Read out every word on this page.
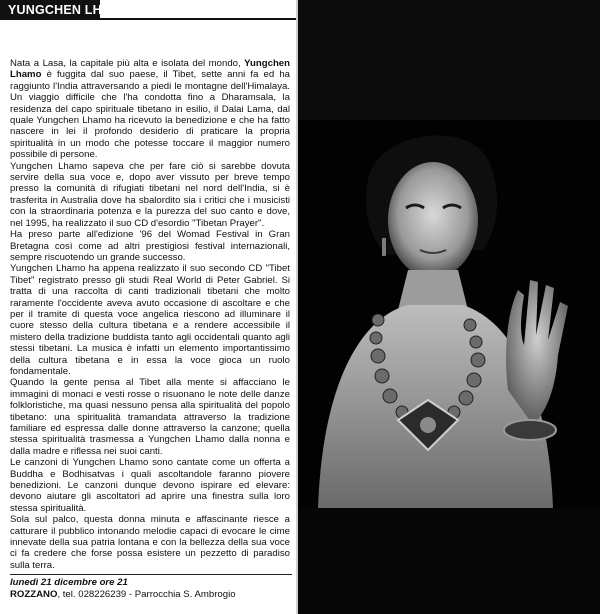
YUNGCHEN LHAMO

Nata a Lasa, la capitale più alta e isolata del mondo, Yungchen Lhamo è fuggita dal suo paese, il Tibet, sette anni fa ed ha raggiunto l'India attraversando a piedi le montagne dell'Himalaya. Un viaggio difficile che l'ha condotta fino a Dharamsala, la residenza del capo spirituale tibetano in esilio, il Dalai Lama, dal quale Yungchen Lhamo ha ricevuto la benedizione e che ha fatto nascere in lei il profondo desiderio di praticare la propria spiritualità in un modo che potesse toccare il maggior numero possibile di persone.

Yungchen Lhamo sapeva che per fare ciò si sarebbe dovuta servire della sua voce e, dopo aver vissuto per breve tempo presso la comunità di rifugiati tibetani nel nord dell'India, si è trasferita in Australia dove ha sbalordito sia i critici che i musicisti con la straordinaria potenza e la purezza del suo canto e dove, nel 1995, ha realizzato il suo CD d'esordio "Tibetan Prayer".

Ha preso parte all'edizione '96 del Womad Festival in Gran Bretagna così come ad altri prestigiosi festival internazionali, sempre riscuotendo un grande successo.

Yungchen Lhamo ha appena realizzato il suo secondo CD "Tibet Tibet" registrato presso gli studi Real World di Peter Gabriel. Si tratta di una raccolta di canti tradizionali tibetani che molto raramente l'occidente aveva avuto occasione di ascoltare e che per il tramite di questa voce angelica riescono ad illuminare il cuore stesso della cultura tibetana e a rendere accessibile il mistero della tradizione buddista tanto agli occidentali quanto agli stessi tibetani. La musica è infatti un elemento importantissimo della cultura tibetana e in essa la voce gioca un ruolo fondamentale.

Quando la gente pensa al Tibet alla mente si affacciano le immagini di monaci e vesti rosse o risuonano le note delle danze folkloristiche, ma quasi nessuno pensa alla spiritualità del popolo tibetano: una spiritualità tramandata attraverso la tradizione familiare ed espressa dalle donne attraverso la canzone; quella stessa spiritualità trasmessa a Yungchen Lhamo dalla nonna e dalla madre e riflessa nei suoi canti.

Le canzoni di Yungchen Lhamo sono cantate come un offerta a Buddha e Bodhisatvas i quali ascoltandole faranno piovere benedizioni. Le canzoni dunque devono ispirare ed elevare: devono aiutare gli ascoltatori ad aprire una finestra sulla loro stessa spiritualità.

Sola sul palco, questa donna minuta e affascinante riesce a catturare il pubblico intonando melodie capaci di evocare le cime innevate della sua patria lontana e con la bellezza della sua voce ci fa credere che forse possa esistere un pezzetto di paradiso sulla terra.

lunedì 21 dicembre ore 21
ROZZANO, tel. 028226239 - Parrocchia S. Ambrogio
